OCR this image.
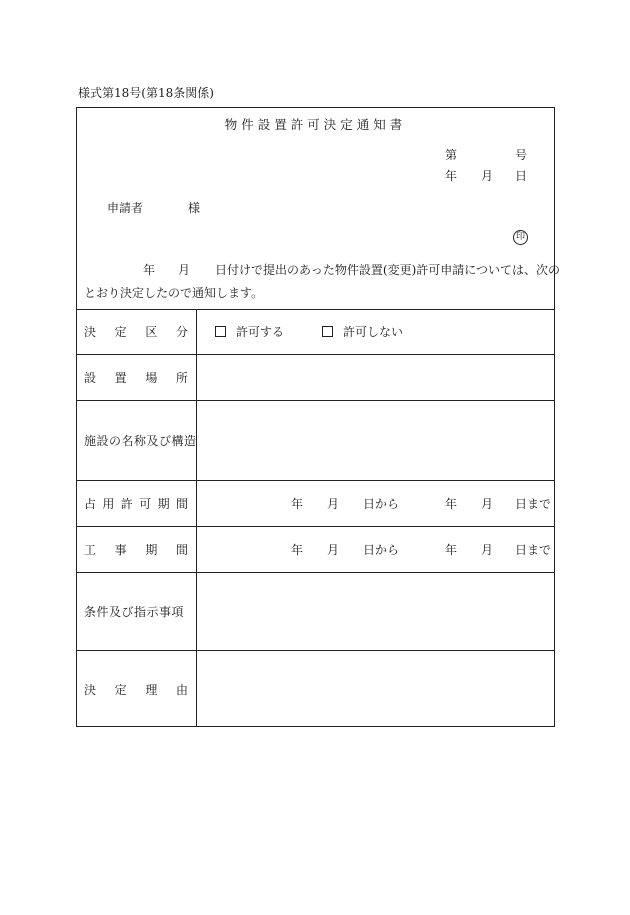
様式第18号(第18条関係)
物件設置許可決定通知書
第	号
年 月 日
申請者	様
印
年 月 日付けで提出のあった物件設置(変更)許可申請については、次の
とおり決定したので通知します。
決 定 区 分	許可する	許可しない
設 置 場 所
施設の名称及び構造
占 用 許 可 期 間	年 月 日から	年 月 日まで
工 事 期 間	年 月 日から	年 月 日まで
条件及び指示事項
決 定 理 由
